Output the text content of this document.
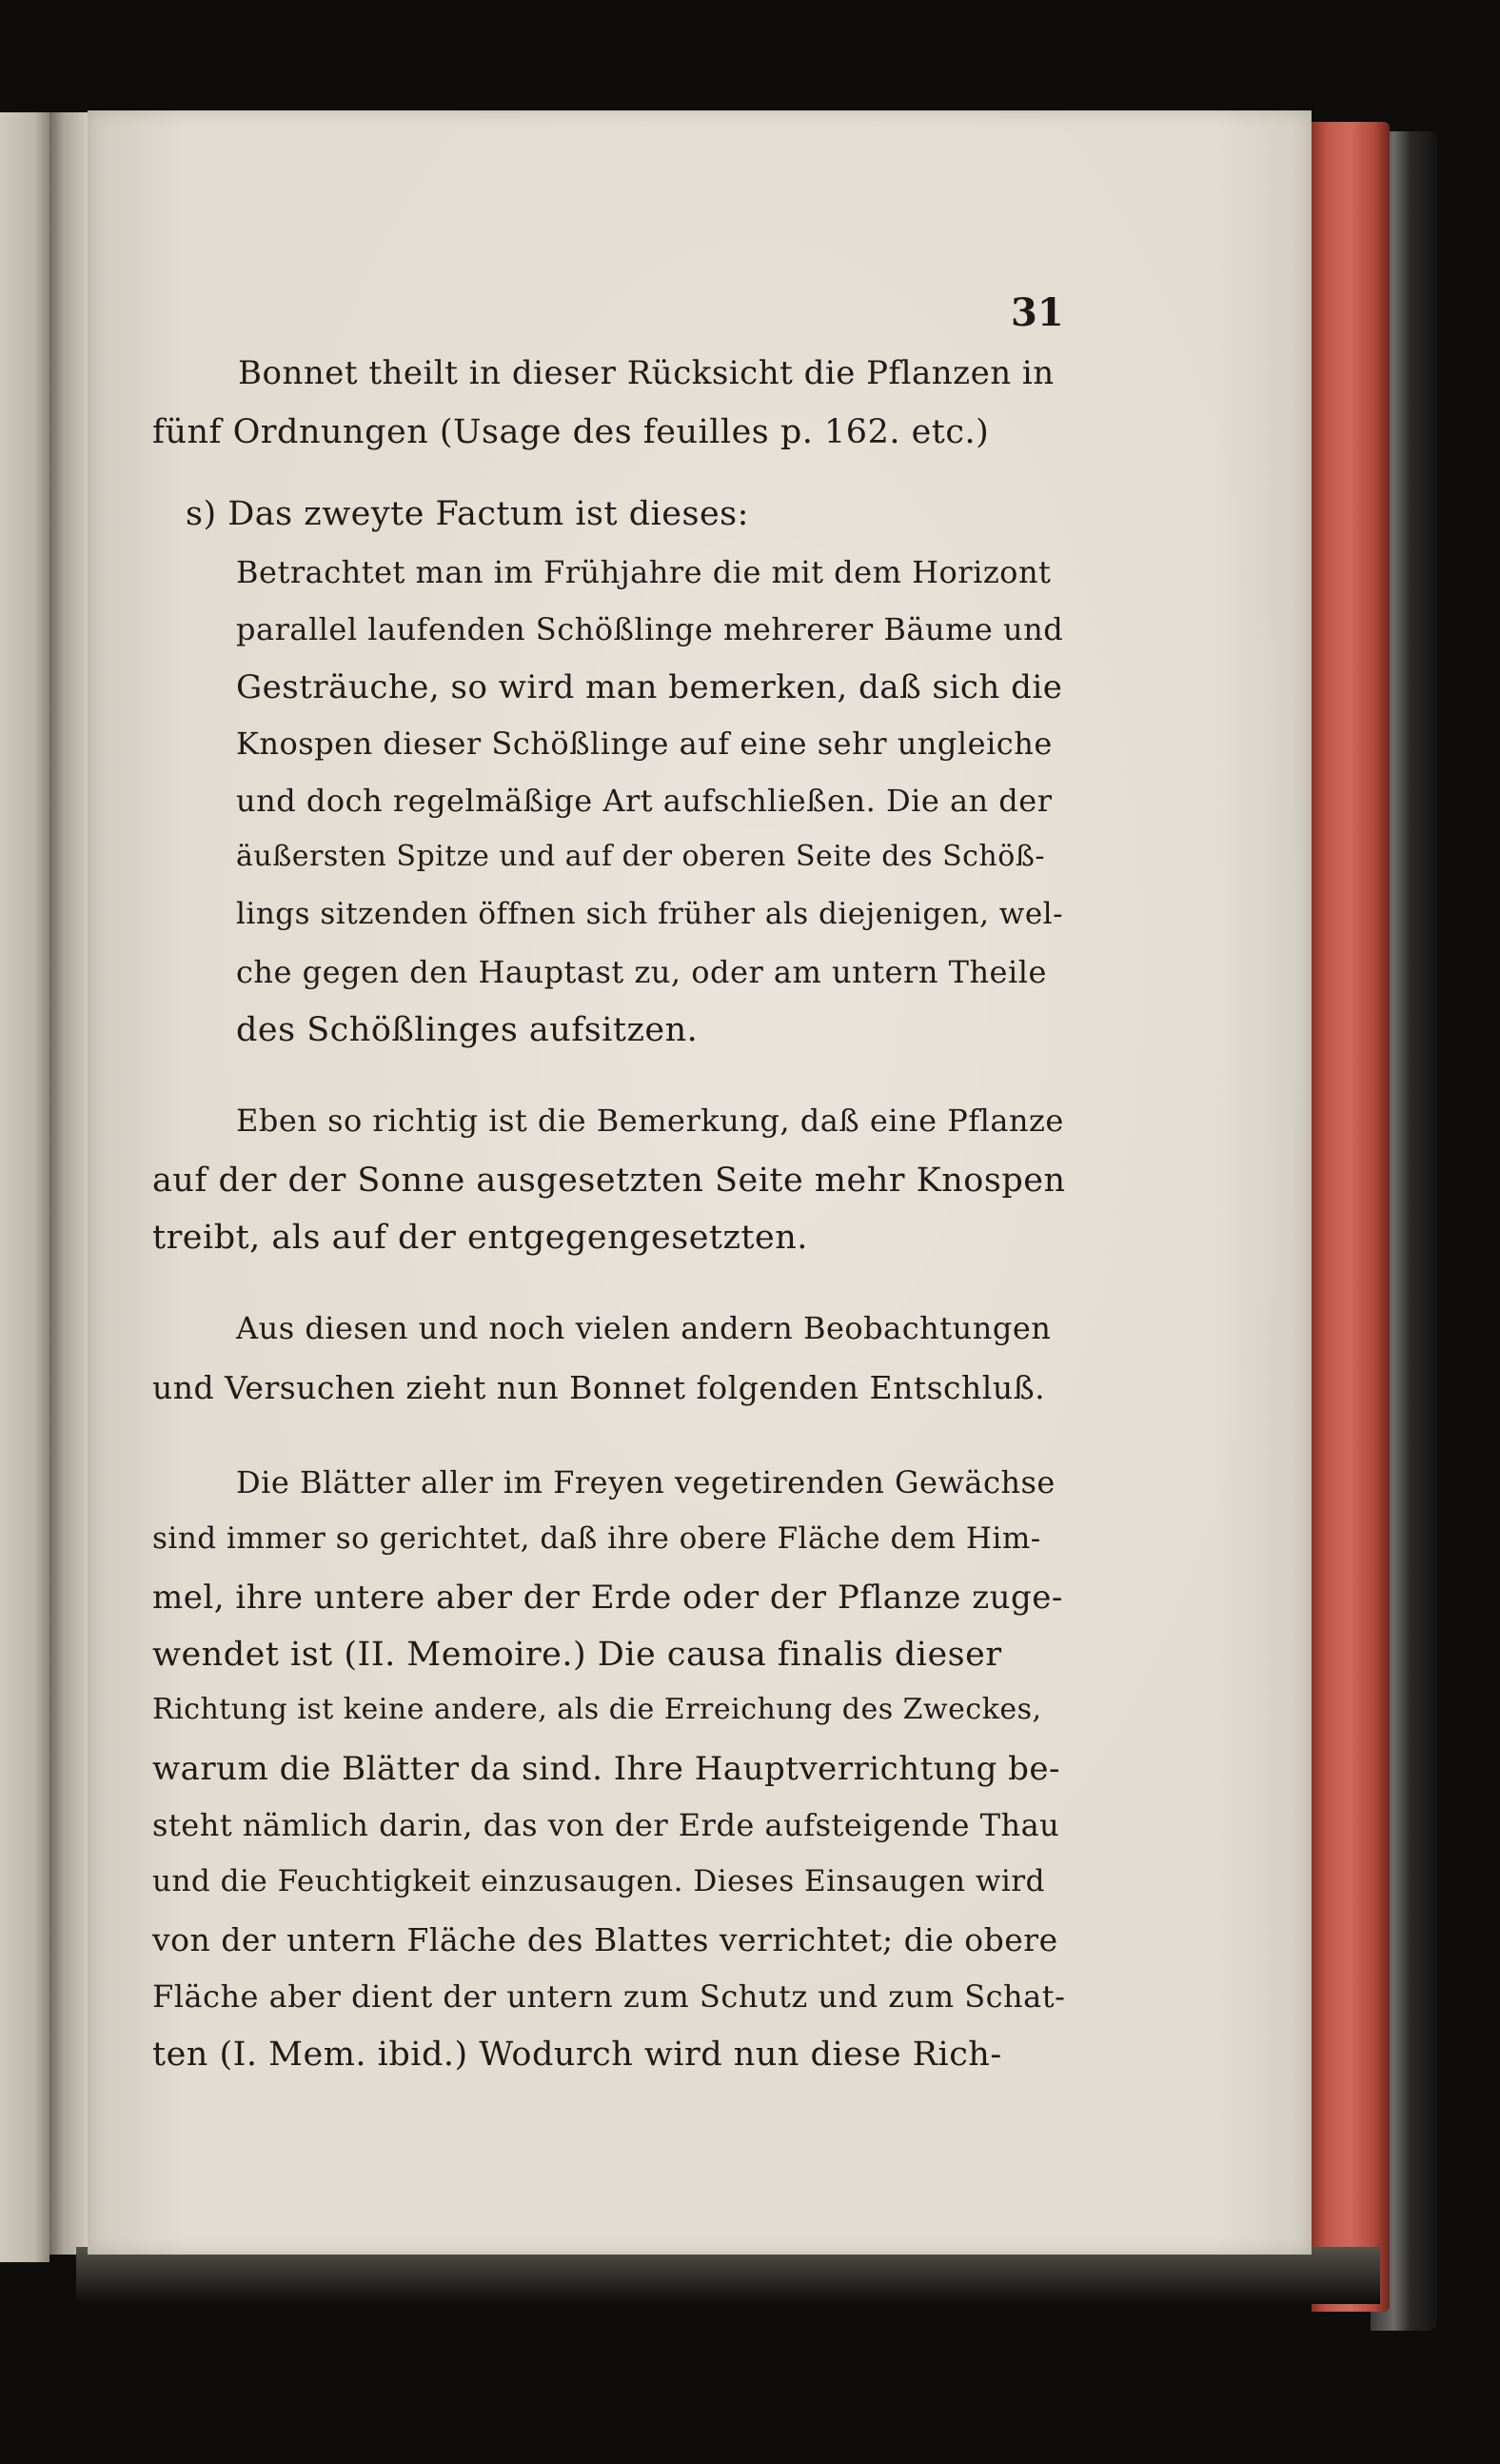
31
Bonnet theilt in dieser Rücksicht die Pflanzen in
fünf Ordnungen (Usage des feuilles p. 162. etc.)
s) Das zweyte Factum ist dieses:
Betrachtet man im Frühjahre die mit dem Horizont
parallel laufenden Schößlinge mehrerer Bäume und
Gesträuche, so wird man bemerken, daß sich die
Knospen dieser Schößlinge auf eine sehr ungleiche
und doch regelmäßige Art aufschließen. Die an der
äußersten Spitze und auf der oberen Seite des Schöß-
lings sitzenden öffnen sich früher als diejenigen, wel-
che gegen den Hauptast zu, oder am untern Theile
des Schößlinges aufsitzen.
Eben so richtig ist die Bemerkung, daß eine Pflanze
auf der der Sonne ausgesetzten Seite mehr Knospen
treibt, als auf der entgegengesetzten.
Aus diesen und noch vielen andern Beobachtungen
und Versuchen zieht nun Bonnet folgenden Entschluß.
Die Blätter aller im Freyen vegetirenden Gewächse
sind immer so gerichtet, daß ihre obere Fläche dem Him-
mel, ihre untere aber der Erde oder der Pflanze zuge-
wendet ist (II. Memoire.) Die causa finalis dieser
Richtung ist keine andere, als die Erreichung des Zweckes,
warum die Blätter da sind. Ihre Hauptverrichtung be-
steht nämlich darin, das von der Erde aufsteigende Thau
und die Feuchtigkeit einzusaugen. Dieses Einsaugen wird
von der untern Fläche des Blattes verrichtet; die obere
Fläche aber dient der untern zum Schutz und zum Schat-
ten (I. Mem. ibid.) Wodurch wird nun diese Rich-
